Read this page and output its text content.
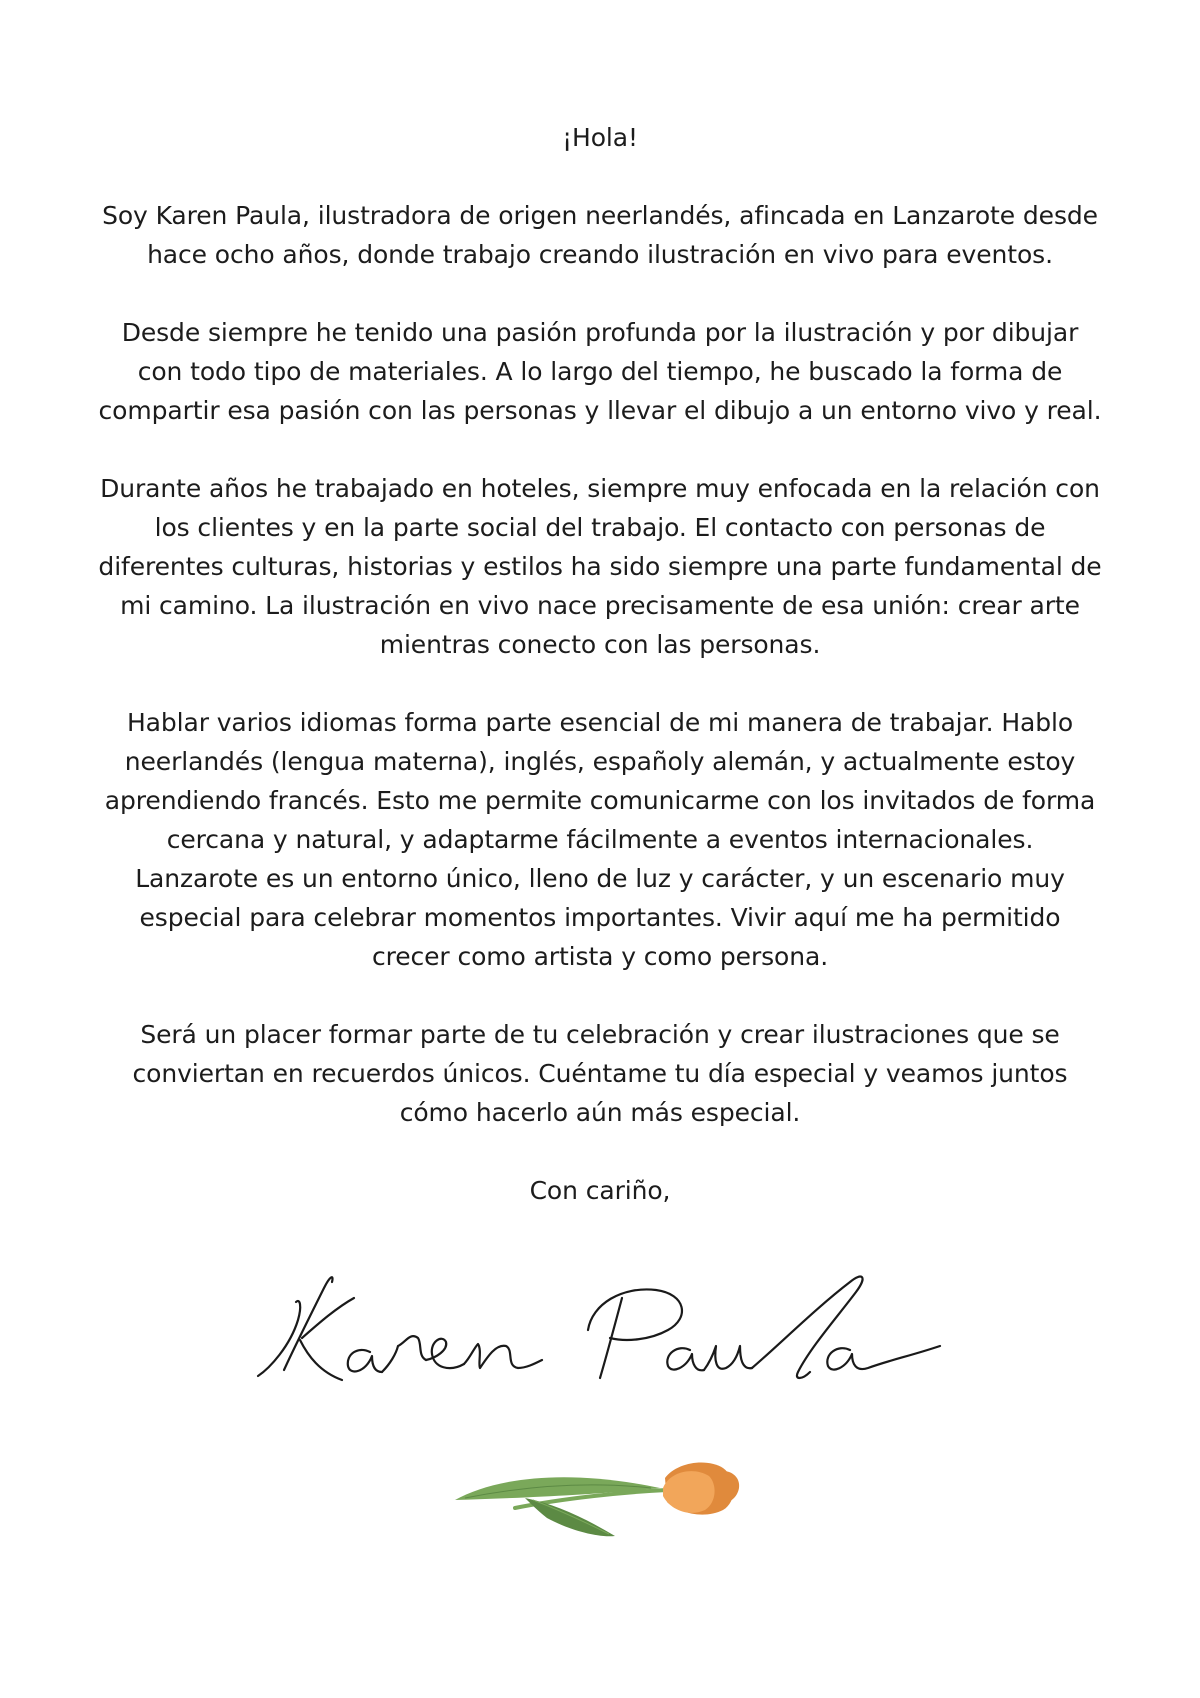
¡Hola!

Soy Karen Paula, ilustradora de origen neerlandés, afincada en Lanzarote desde
hace ocho años, donde trabajo creando ilustración en vivo para eventos.

Desde siempre he tenido una pasión profunda por la ilustración y por dibujar
con todo tipo de materiales. A lo largo del tiempo, he buscado la forma de
compartir esa pasión con las personas y llevar el dibujo a un entorno vivo y real.

Durante años he trabajado en hoteles, siempre muy enfocada en la relación con
los clientes y en la parte social del trabajo. El contacto con personas de
diferentes culturas, historias y estilos ha sido siempre una parte fundamental de
mi camino. La ilustración en vivo nace precisamente de esa unión: crear arte
mientras conecto con las personas.

Hablar varios idiomas forma parte esencial de mi manera de trabajar. Hablo
neerlandés (lengua materna), inglés, españoly alemán, y actualmente estoy
aprendiendo francés. Esto me permite comunicarme con los invitados de forma
cercana y natural, y adaptarme fácilmente a eventos internacionales.
Lanzarote es un entorno único, lleno de luz y carácter, y un escenario muy
especial para celebrar momentos importantes. Vivir aquí me ha permitido
crecer como artista y como persona.

Será un placer formar parte de tu celebración y crear ilustraciones que se
conviertan en recuerdos únicos. Cuéntame tu día especial y veamos juntos
cómo hacerlo aún más especial.

Con cariño,
